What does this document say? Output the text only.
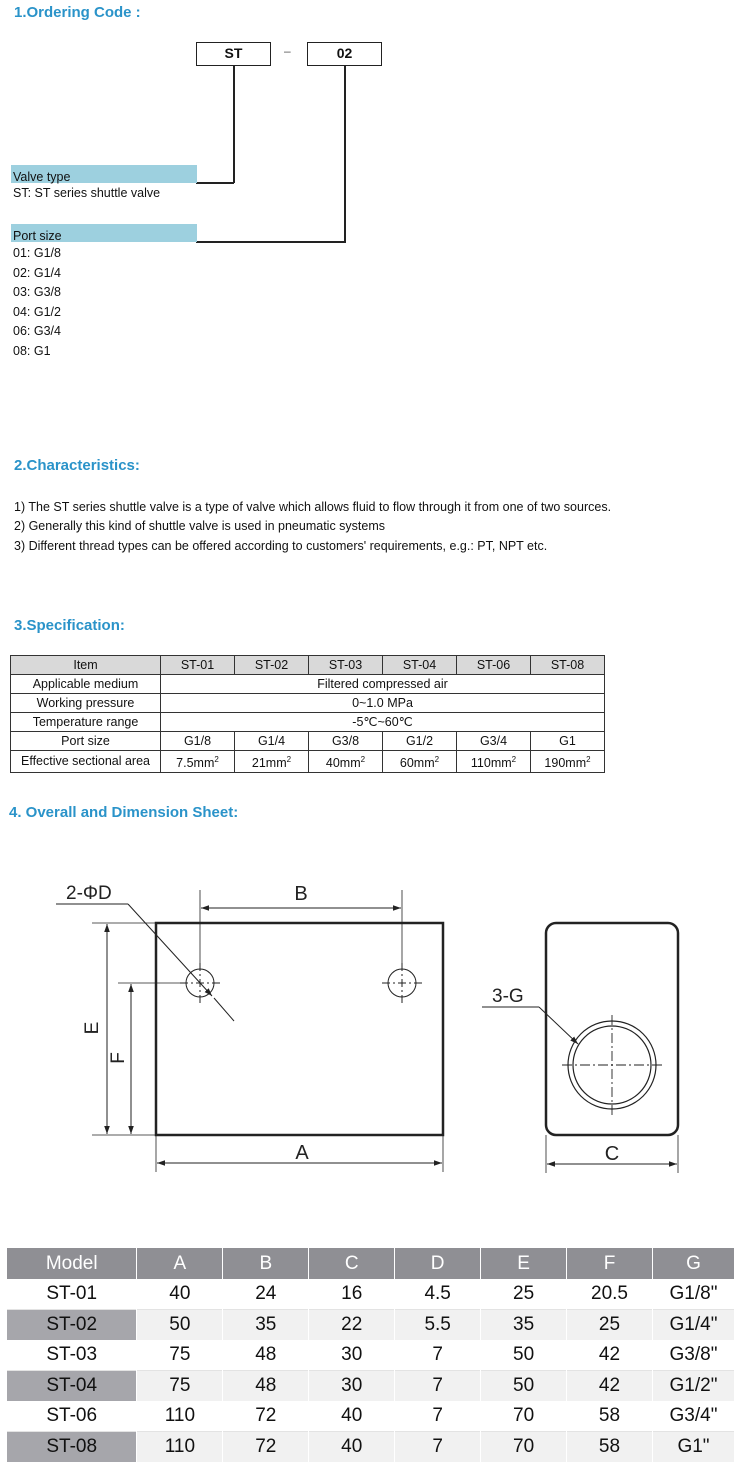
1.Ordering Code :
ST	–	02
Valve type
ST: ST series shuttle valve
Port size
01: G1/8
02: G1/4
03: G3/8
04: G1/2
06: G3/4
08: G1
2.Characteristics:
1) The ST series shuttle valve is a type of valve which allows fluid to flow through it from one of two sources.
2) Generally this kind of shuttle valve is used in pneumatic systems
3) Different thread types can be offered according to customers' requirements, e.g.: PT, NPT etc.
3.Specification:
Item	ST-01	ST-02	ST-03	ST-04	ST-06	ST-08
Applicable medium	Filtered compressed air					
Working pressure	0~1.0 MPa					
Temperature range	-5℃~60℃					
Port size	G1/8	G1/4	G3/8	G1/2	G3/4	G1
Effective sectional area	$7.5mm^2$	$21mm^2$	$40mm^2$	$60mm^2$	$110mm^2$	$190mm^2$
4. Overall and Dimension Sheet:
B
2-ΦD
E
F
A
3-G
C
Model	A	B	C	D	E	F	G
ST-01	40	24	16	4.5	25	20.5	G1/8"
ST-02	50	35	22	5.5	35	25	G1/4"
ST-03	75	48	30	7	50	42	G3/8"
ST-04	75	48	30	7	50	42	G1/2"
ST-06	110	72	40	7	70	58	G3/4"
ST-08	110	72	40	7	70	58	G1"
